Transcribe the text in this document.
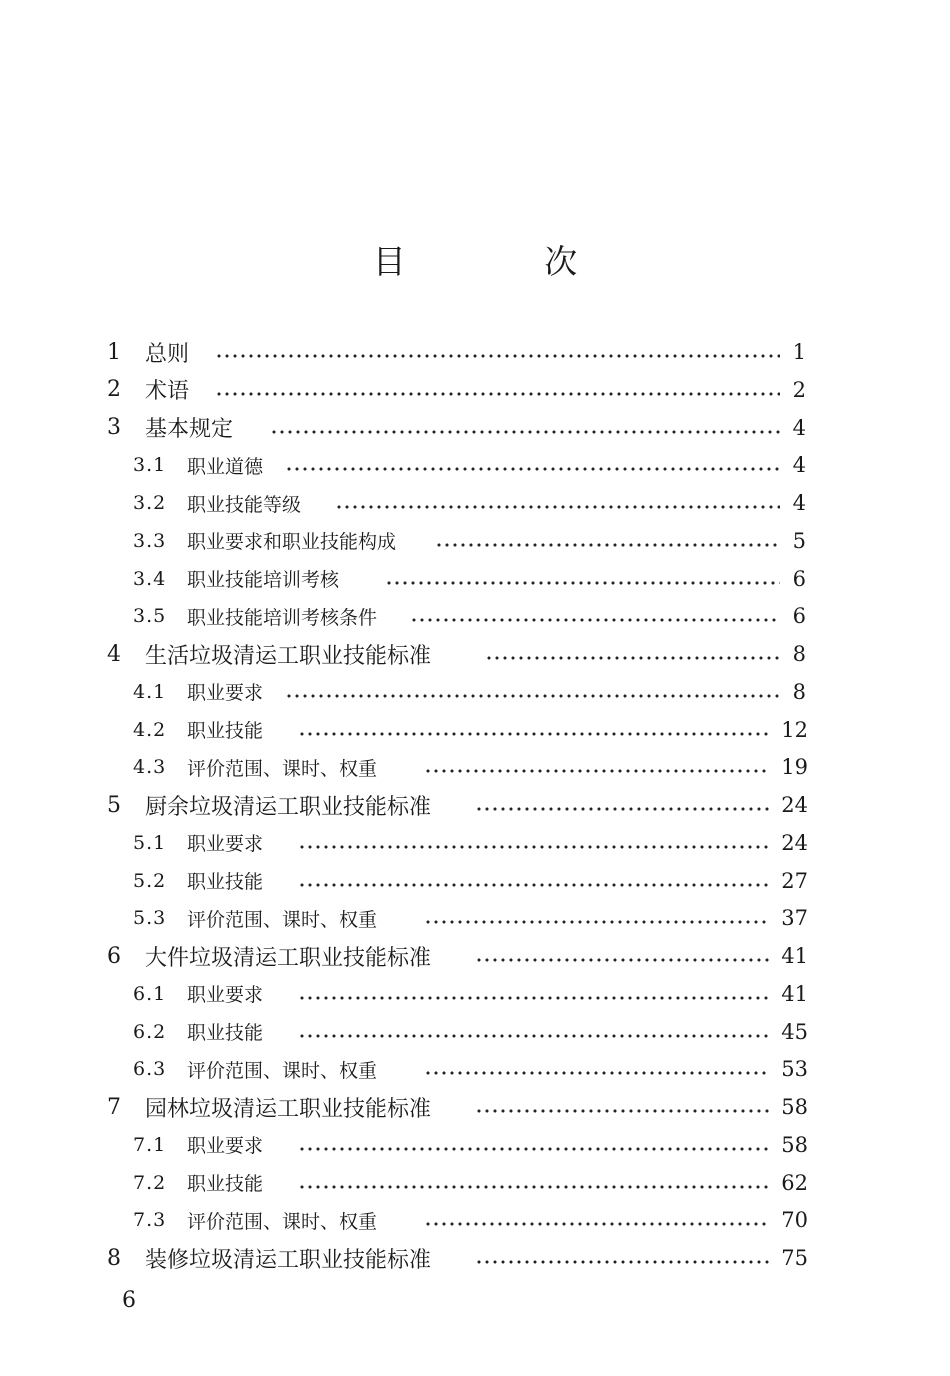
目 次
1 总则	1
2 术语	2
3 基本规定	4
3.1 职业道德	4
3.2 职业技能等级	4
3.3 职业要求和职业技能构成	5
3.4 职业技能培训考核	6
3.5 职业技能培训考核条件	6
4 生活垃圾清运工职业技能标准	8
4.1 职业要求	8
4.2 职业技能	12
4.3 评价范围、课时、权重	19
5 厨余垃圾清运工职业技能标准	24
5.1 职业要求	24
5.2 职业技能	27
5.3 评价范围、课时、权重	37
6 大件垃圾清运工职业技能标准	41
6.1 职业要求	41
6.2 职业技能	45
6.3 评价范围、课时、权重	53
7 园林垃圾清运工职业技能标准	58
7.1 职业要求	58
7.2 职业技能	62
7.3 评价范围、课时、权重	70
8 装修垃圾清运工职业技能标准	75
6
